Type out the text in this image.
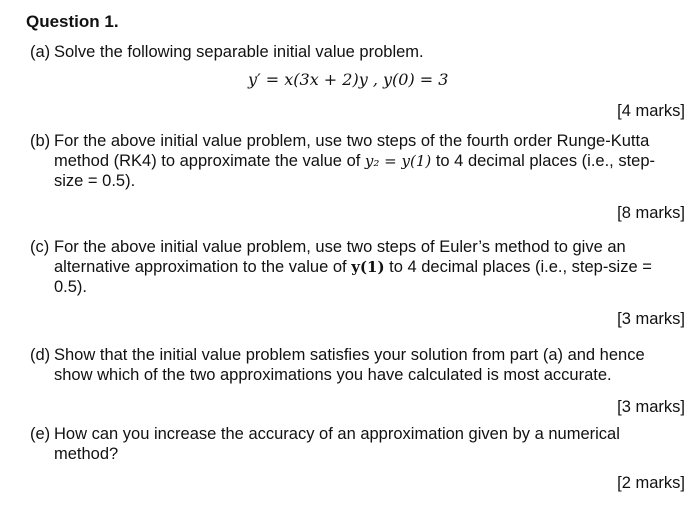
Question 1.
(a) Solve the following separable initial value problem.
y′ = x(3x + 2)y , y(0) = 3
[4 marks]
(b) For the above initial value problem, use two steps of the fourth order Runge-Kutta method (RK4) to approximate the value of y₂ = y(1) to 4 decimal places (i.e., step-size = 0.5).
[8 marks]
(c) For the above initial value problem, use two steps of Euler’s method to give an alternative approximation to the value of y(1) to 4 decimal places (i.e., step-size = 0.5).
[3 marks]
(d) Show that the initial value problem satisfies your solution from part (a) and hence show which of the two approximations you have calculated is most accurate.
[3 marks]
(e) How can you increase the accuracy of an approximation given by a numerical method?
[2 marks]
